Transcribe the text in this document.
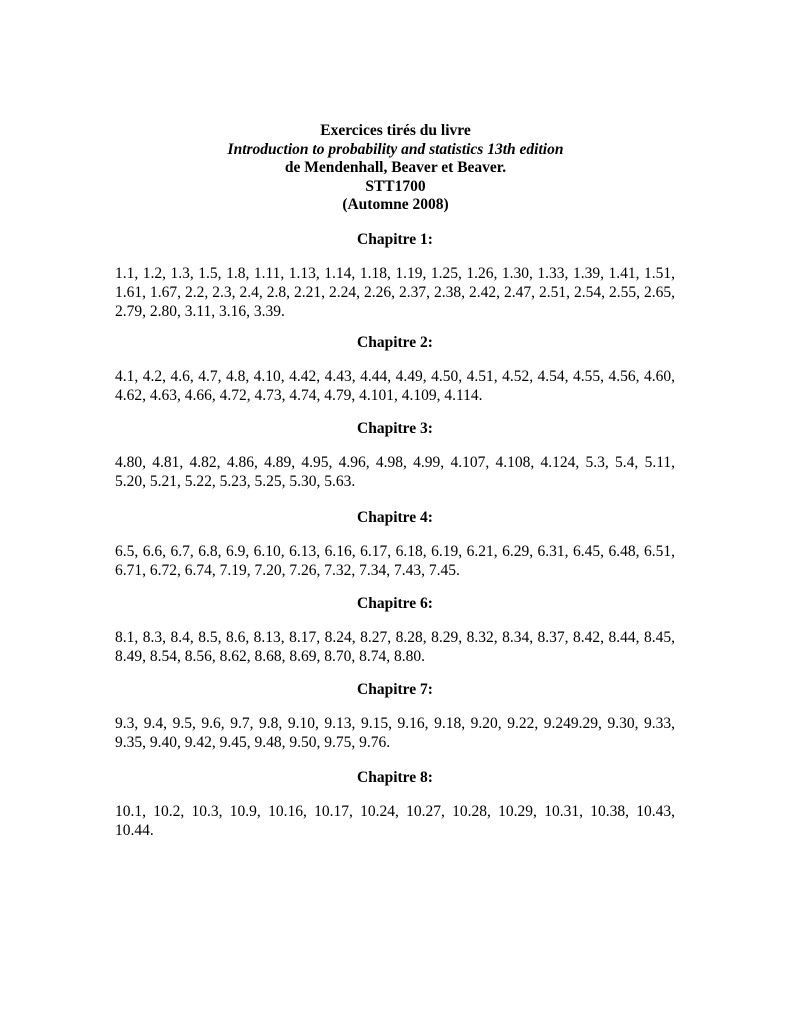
Exercices tirés du livre
Introduction to probability and statistics 13th edition
de Mendenhall, Beaver et Beaver.
STT1700
(Automne 2008)
Chapitre 1:
1.1, 1.2, 1.3, 1.5, 1.8, 1.11, 1.13, 1.14, 1.18, 1.19, 1.25, 1.26, 1.30, 1.33, 1.39, 1.41, 1.51, 1.61, 1.67, 2.2, 2.3, 2.4, 2.8, 2.21, 2.24, 2.26, 2.37, 2.38, 2.42, 2.47, 2.51, 2.54, 2.55, 2.65, 2.79, 2.80, 3.11, 3.16, 3.39.
Chapitre 2:
4.1, 4.2, 4.6, 4.7, 4.8, 4.10, 4.42, 4.43, 4.44, 4.49, 4.50, 4.51, 4.52, 4.54, 4.55, 4.56, 4.60, 4.62, 4.63, 4.66, 4.72, 4.73, 4.74, 4.79, 4.101, 4.109, 4.114.
Chapitre 3:
4.80, 4.81, 4.82, 4.86, 4.89, 4.95, 4.96, 4.98, 4.99, 4.107, 4.108, 4.124, 5.3, 5.4, 5.11, 5.20, 5.21, 5.22, 5.23, 5.25, 5.30, 5.63.
Chapitre 4:
6.5, 6.6, 6.7, 6.8, 6.9, 6.10, 6.13, 6.16, 6.17, 6.18, 6.19, 6.21, 6.29, 6.31, 6.45, 6.48, 6.51, 6.71, 6.72, 6.74, 7.19, 7.20, 7.26, 7.32, 7.34, 7.43, 7.45.
Chapitre 6:
8.1, 8.3, 8.4, 8.5, 8.6, 8.13, 8.17, 8.24, 8.27, 8.28, 8.29, 8.32, 8.34, 8.37, 8.42, 8.44, 8.45, 8.49, 8.54, 8.56, 8.62, 8.68, 8.69, 8.70, 8.74, 8.80.
Chapitre 7:
9.3, 9.4, 9.5, 9.6, 9.7, 9.8, 9.10, 9.13, 9.15, 9.16, 9.18, 9.20, 9.22, 9.249.29, 9.30, 9.33, 9.35, 9.40, 9.42, 9.45, 9.48, 9.50, 9.75, 9.76.
Chapitre 8:
10.1, 10.2, 10.3, 10.9, 10.16, 10.17, 10.24, 10.27, 10.28, 10.29, 10.31, 10.38, 10.43, 10.44.
